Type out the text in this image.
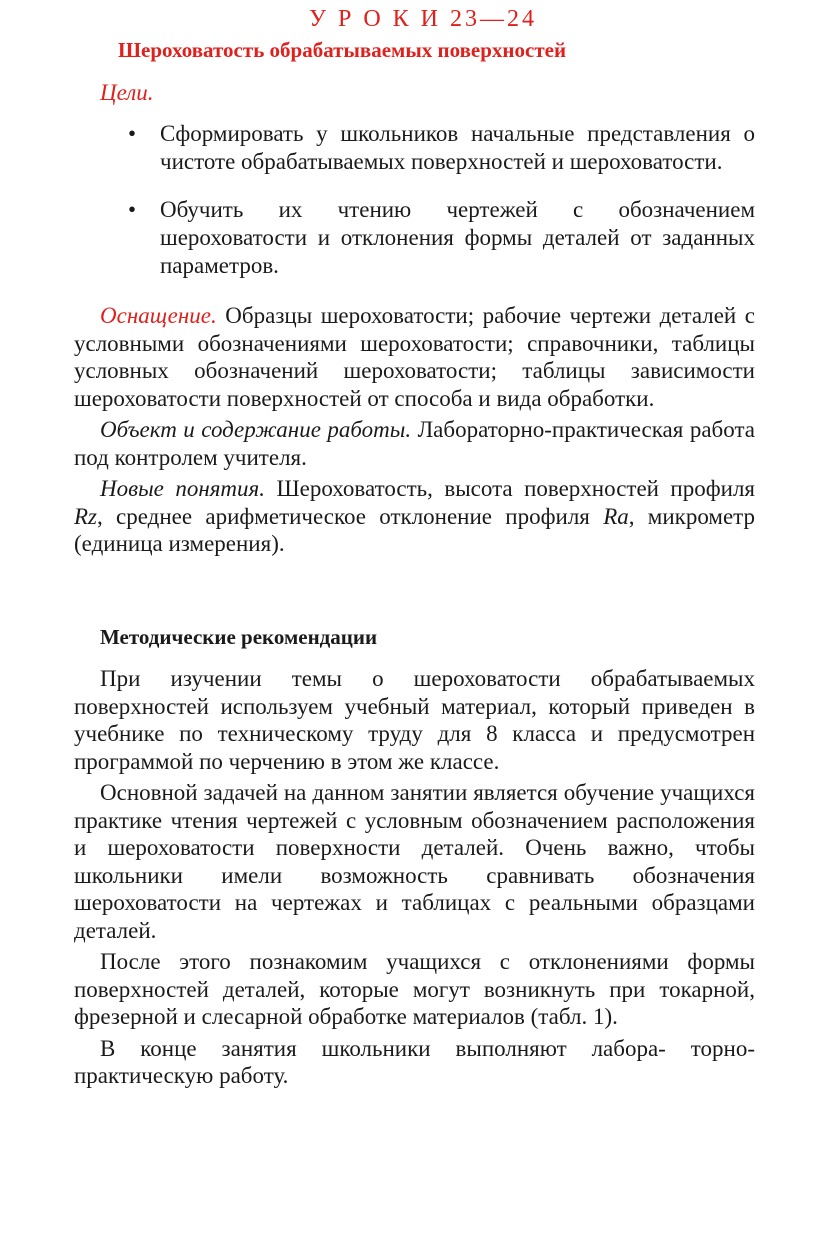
У Р О К И 23—24
Шероховатость обрабатываемых поверхностей
Цели.
• Сформировать у школьников начальные представления о чистоте обрабатываемых поверхностей и шероховатости.
• Обучить их чтению чертежей с обозначением шероховатости и отклонения формы деталей от заданных параметров.

Оснащение. Образцы шероховатости; рабочие чертежи деталей с условными обозначениями шероховатости; справочники, таблицы условных обозначений шероховатости; таблицы зависимости шероховатости поверхностей от способа и вида обработки.

Объект и содержание работы. Лабораторно-практическая работа под контролем учителя.

Новые понятия. Шероховатость, высота поверхностей профиля Rz, среднее арифметическое отклонение профиля Ra, микрометр (единица измерения).

Методические рекомендации

При изучении темы о шероховатости обрабатываемых поверхностей используем учебный материал, который приведен в учебнике по техническому труду для 8 класса и предусмотрен программой по черчению в этом же классе.

Основной задачей на данном занятии является обучение учащихся практике чтения чертежей с условным обозначением расположения и шероховатости поверхности деталей. Очень важно, чтобы школьники имели возможность сравнивать обозначения шероховатости на чертежах и таблицах с реальными образцами деталей.

После этого познакомим учащихся с отклонениями формы поверхностей деталей, которые могут возникнуть при токарной, фрезерной и слесарной обработке материалов (табл. 1).

В конце занятия школьники выполняют лабора- торно-практическую работу.
